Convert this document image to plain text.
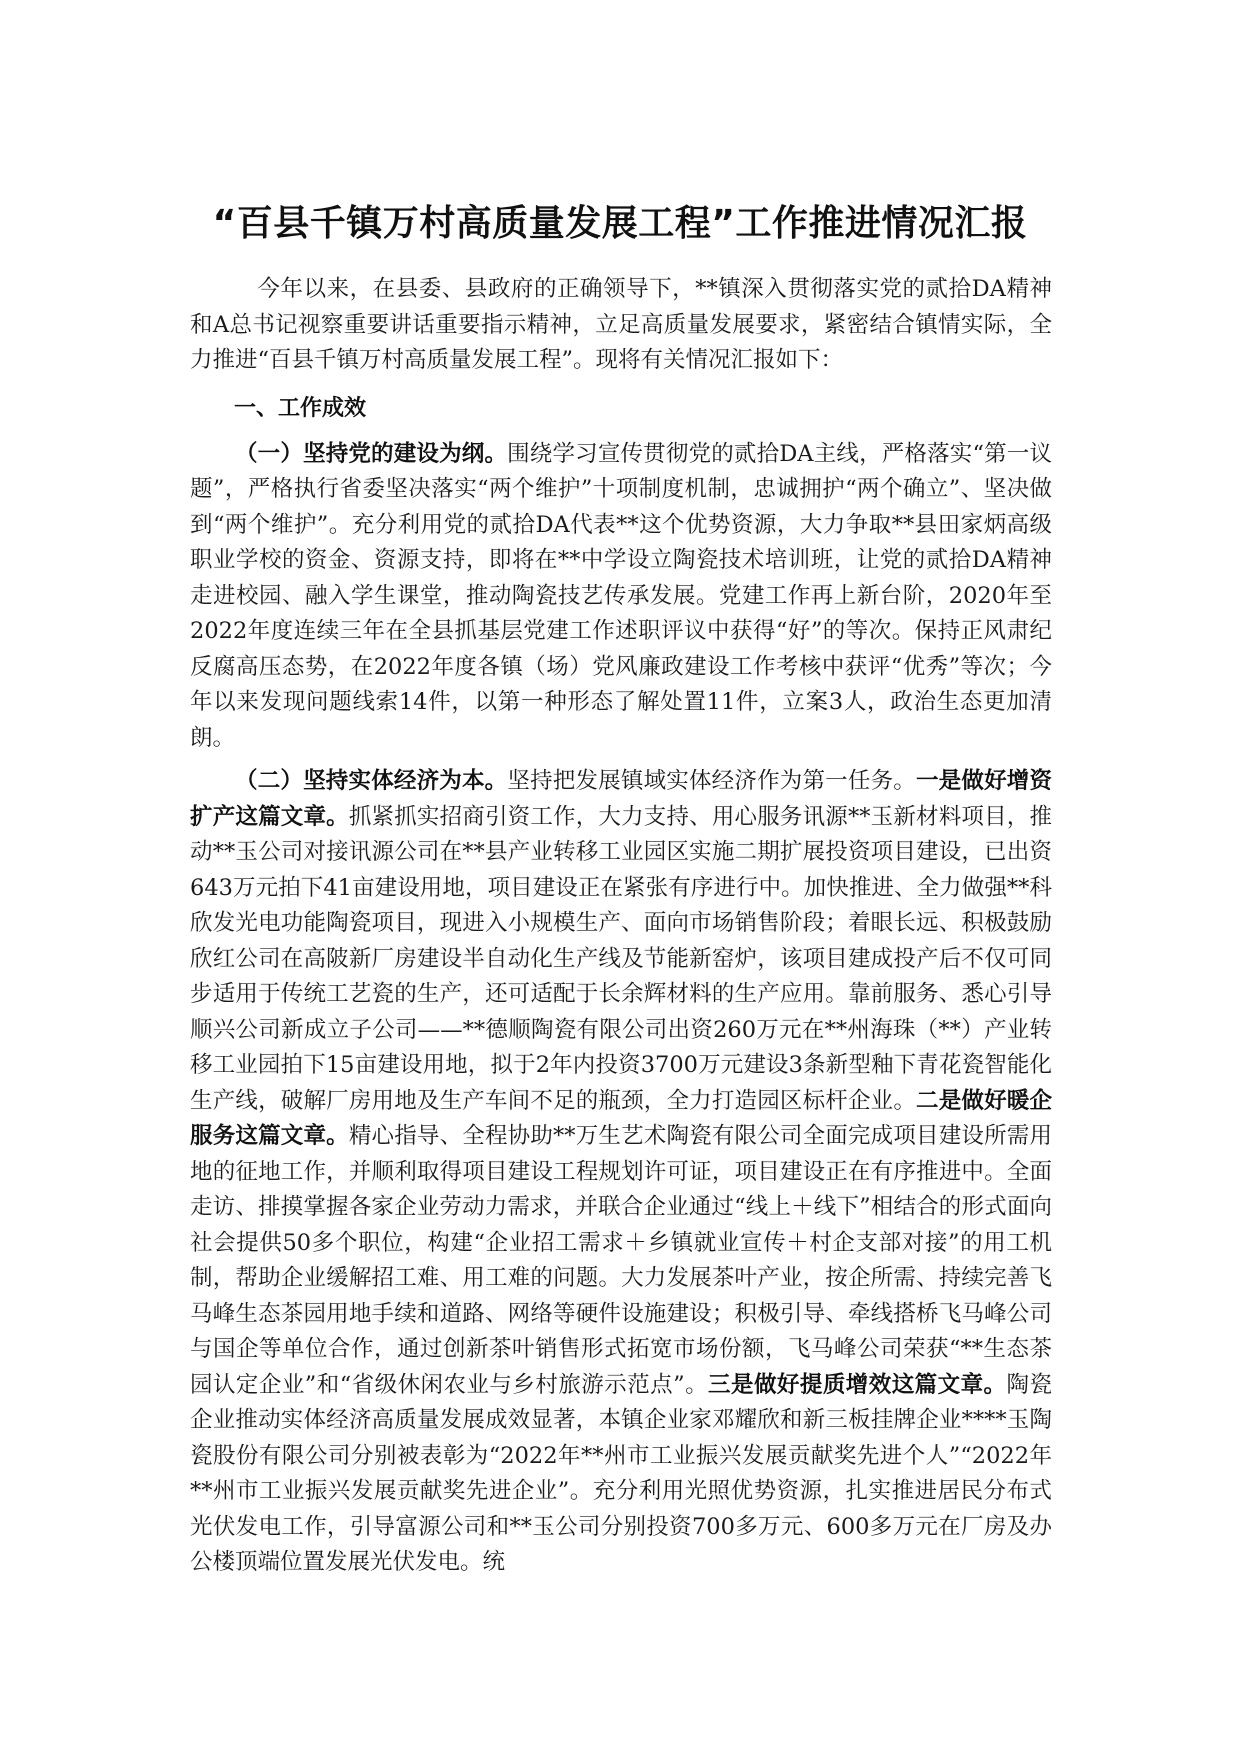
“百县千镇万村高质量发展工程”工作推进情况汇报

今年以来，在县委、县政府的正确领导下，**镇深入贯彻落实党的贰拾DA精神和A总书记视察重要讲话重要指示精神，立足高质量发展要求，紧密结合镇情实际，全力推进“百县千镇万村高质量发展工程”。现将有关情况汇报如下：

一、工作成效

（一）坚持党的建设为纲。围绕学习宣传贯彻党的贰拾DA主线，严格落实“第一议题”，严格执行省委坚决落实“两个维护”十项制度机制，忠诚拥护“两个确立”、坚决做到“两个维护”。充分利用党的贰拾DA代表**这个优势资源，大力争取**县田家炳高级职业学校的资金、资源支持，即将在**中学设立陶瓷技术培训班，让党的贰拾DA精神走进校园、融入学生课堂，推动陶瓷技艺传承发展。党建工作再上新台阶，2020年至2022年度连续三年在全县抓基层党建工作述职评议中获得“好”的等次。保持正风肃纪反腐高压态势，在2022年度各镇（场）党风廉政建设工作考核中获评“优秀”等次；今年以来发现问题线索14件，以第一种形态了解处置11件，立案3人，政治生态更加清朗。

（二）坚持实体经济为本。坚持把发展镇域实体经济作为第一任务。一是做好增资扩产这篇文章。抓紧抓实招商引资工作，大力支持、用心服务讯源**玉新材料项目，推动**玉公司对接讯源公司在**县产业转移工业园区实施二期扩展投资项目建设，已出资643万元拍下41亩建设用地，项目建设正在紧张有序进行中。加快推进、全力做强**科欣发光电功能陶瓷项目，现进入小规模生产、面向市场销售阶段；着眼长远、积极鼓励欣红公司在高陂新厂房建设半自动化生产线及节能新窑炉，该项目建成投产后不仅可同步适用于传统工艺瓷的生产，还可适配于长余辉材料的生产应用。靠前服务、悉心引导顺兴公司新成立子公司——**德顺陶瓷有限公司出资260万元在**州海珠（**）产业转移工业园拍下15亩建设用地，拟于2年内投资3700万元建设3条新型釉下青花瓷智能化生产线，破解厂房用地及生产车间不足的瓶颈，全力打造园区标杆企业。二是做好暖企服务这篇文章。精心指导、全程协助**万生艺术陶瓷有限公司全面完成项目建设所需用地的征地工作，并顺利取得项目建设工程规划许可证，项目建设正在有序推进中。全面走访、排摸掌握各家企业劳动力需求，并联合企业通过“线上＋线下”相结合的形式面向社会提供50多个职位，构建“企业招工需求＋乡镇就业宣传＋村企支部对接”的用工机制，帮助企业缓解招工难、用工难的问题。大力发展茶叶产业，按企所需、持续完善飞马峰生态茶园用地手续和道路、网络等硬件设施建设；积极引导、牵线搭桥飞马峰公司与国企等单位合作，通过创新茶叶销售形式拓宽市场份额，飞马峰公司荣获“**生态茶园认定企业”和“省级休闲农业与乡村旅游示范点”。三是做好提质增效这篇文章。陶瓷企业推动实体经济高质量发展成效显著，本镇企业家邓耀欣和新三板挂牌企业****玉陶瓷股份有限公司分别被表彰为“2022年**州市工业振兴发展贡献奖先进个人”“2022年**州市工业振兴发展贡献奖先进企业”。充分利用光照优势资源，扎实推进居民分布式光伏发电工作，引导富源公司和**玉公司分别投资700多万元、600多万元在厂房及办公楼顶端位置发展光伏发电。统
